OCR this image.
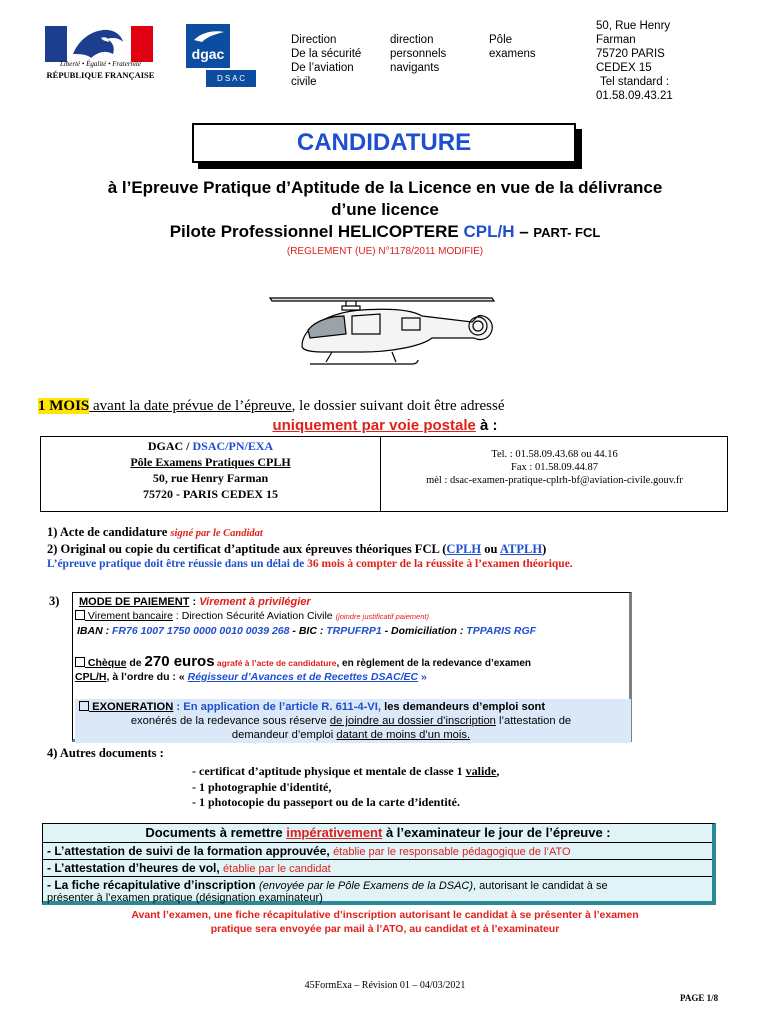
Liberté • Égalité • Fraternité
RÉPUBLIQUE FRANÇAISE
dgac
D S A C
Direction
De la sécurité
De l’aviation
civile
direction
personnels
navigants
Pôle
examens
50, Rue Henry
Farman
75720 PARIS
CEDEX 15
Tel standard :
01.58.09.43.21
CANDIDATURE
à l’Epreuve Pratique d’Aptitude de la Licence en vue de la délivrance
d’une licence
Pilote Professionnel HELICOPTERE CPL/H – PART- FCL
(REGLEMENT (UE) N°1178/2011 MODIFIE)
1 MOIS avant la date prévue de l’épreuve, le dossier suivant doit être adressé
uniquement par voie postale à :
DGAC / DSAC/PN/EXA
Pôle Examens Pratiques CPLH
50, rue Henry Farman
75720 - PARIS CEDEX 15
Tel. : 01.58.09.43.68 ou 44.16
Fax : 01.58.09.44.87
mèl : dsac-examen-pratique-cplrh-bf@aviation-civile.gouv.fr
1) Acte de candidature signé par le Candidat
2) Original ou copie du certificat d’aptitude aux épreuves théoriques FCL (CPLH ou ATPLH)
L’épreuve pratique doit être réussie dans un délai de 36 mois à compter de la réussite à l’examen théorique.
3) MODE DE PAIEMENT : Virement à privilégier
Virement bancaire : Direction Sécurité Aviation Civile (joindre justificatif paiement)
IBAN : FR76 1007 1750 0000 0010 0039 268 - BIC : TRPUFRP1 - Domiciliation : TPPARIS RGF
Chèque de 270 euros agrafé à l’acte de candidature, en règlement de la redevance d’examen
CPL/H, à l’ordre du : « Régisseur d’Avances et de Recettes DSAC/EC »
EXONERATION : En application de l’article R. 611-4-VI, les demandeurs d’emploi sont
exonérés de la redevance sous réserve de joindre au dossier d’inscription l’attestation de
demandeur d’emploi datant de moins d’un mois.
4) Autres documents :
- certificat d’aptitude physique et mentale de classe 1 valide,
- 1 photographie d'identité,
- 1 photocopie du passeport ou de la carte d’identité.
Documents à remettre impérativement à l’examinateur le jour de l’épreuve :
- L’attestation de suivi de la formation approuvée, établie par le responsable pédagogique de l’ATO
- L’attestation d’heures de vol, établie par le candidat
- La fiche récapitulative d’inscription (envoyée par le Pôle Examens de la DSAC), autorisant le candidat à se
présenter à l’examen pratique (désignation examinateur)
Avant l’examen, une fiche récapitulative d’inscription autorisant le candidat à se présenter à l’examen
pratique sera envoyée par mail à l’ATO, au candidat et à l’examinateur
45FormExa – Révision 01 – 04/03/2021
PAGE 1/8
